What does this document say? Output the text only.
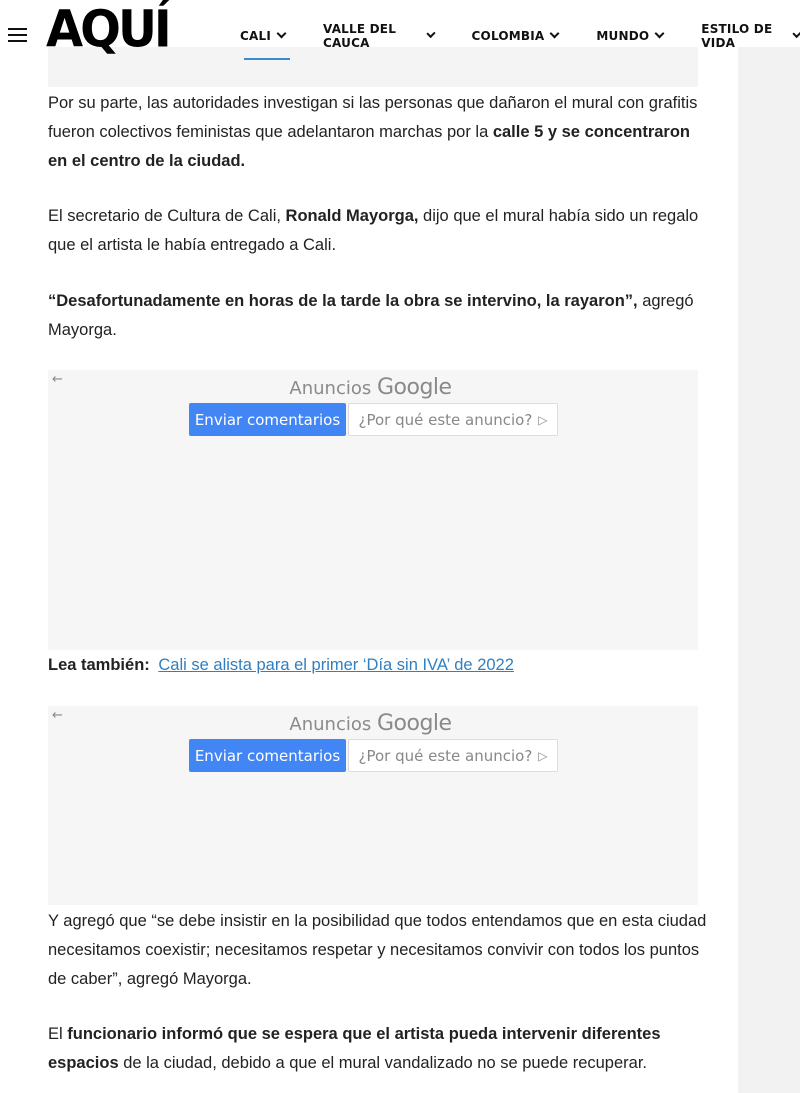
CALI	VALLE DEL CAUCA	COLOMBIA	MUNDO	ESTILO DE VIDA
AQUÍ

Por su parte, las autoridades investigan si las personas que dañaron el mural con grafitis fueron colectivos feministas que adelantaron marchas por la calle 5 y se concentraron en el centro de la ciudad.

El secretario de Cultura de Cali, Ronald Mayorga, dijo que el mural había sido un regalo que el artista le había entregado a Cali.

“Desafortunadamente en horas de la tarde la obra se intervino, la rayaron”, agregó Mayorga.

←	Anuncios Google
Enviar comentarios ¿Por qué este anuncio? ▷
Lea también: Cali se alista para el primer ‘Día sin IVA’ de 2022
←	Anuncios Google
Enviar comentarios ¿Por qué este anuncio? ▷

Y agregó que “se debe insistir en la posibilidad que todos entendamos que en esta ciudad necesitamos coexistir; necesitamos respetar y necesitamos convivir con todos los puntos de caber”, agregó Mayorga.

El funcionario informó que se espera que el artista pueda intervenir diferentes espacios de la ciudad, debido a que el mural vandalizado no se puede recuperar.
